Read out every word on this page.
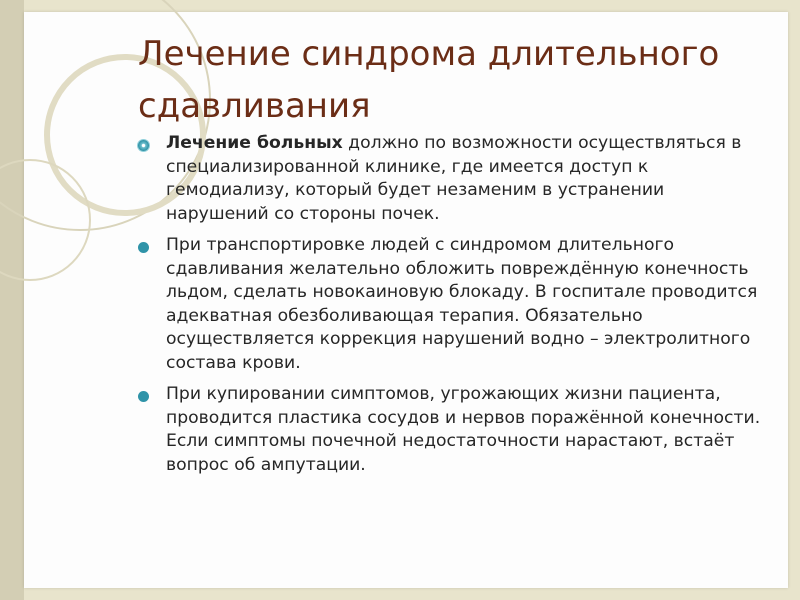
Лечение синдрома длительного сдавливания
Лечение больных должно по возможности осуществляться в специализированной клинике, где имеется доступ к гемодиализу, который будет незаменим в устранении нарушений со стороны почек.
При транспортировке людей с синдромом длительного сдавливания желательно обложить повреждённую конечность льдом, сделать новокаиновую блокаду. В госпитале проводится адекватная обезболивающая терапия. Обязательно осуществляется коррекция нарушений водно – электролитного состава крови.
При купировании симптомов, угрожающих жизни пациента, проводится пластика сосудов и нервов поражённой конечности. Если симптомы почечной недостаточности нарастают, встаёт вопрос об ампутации.
